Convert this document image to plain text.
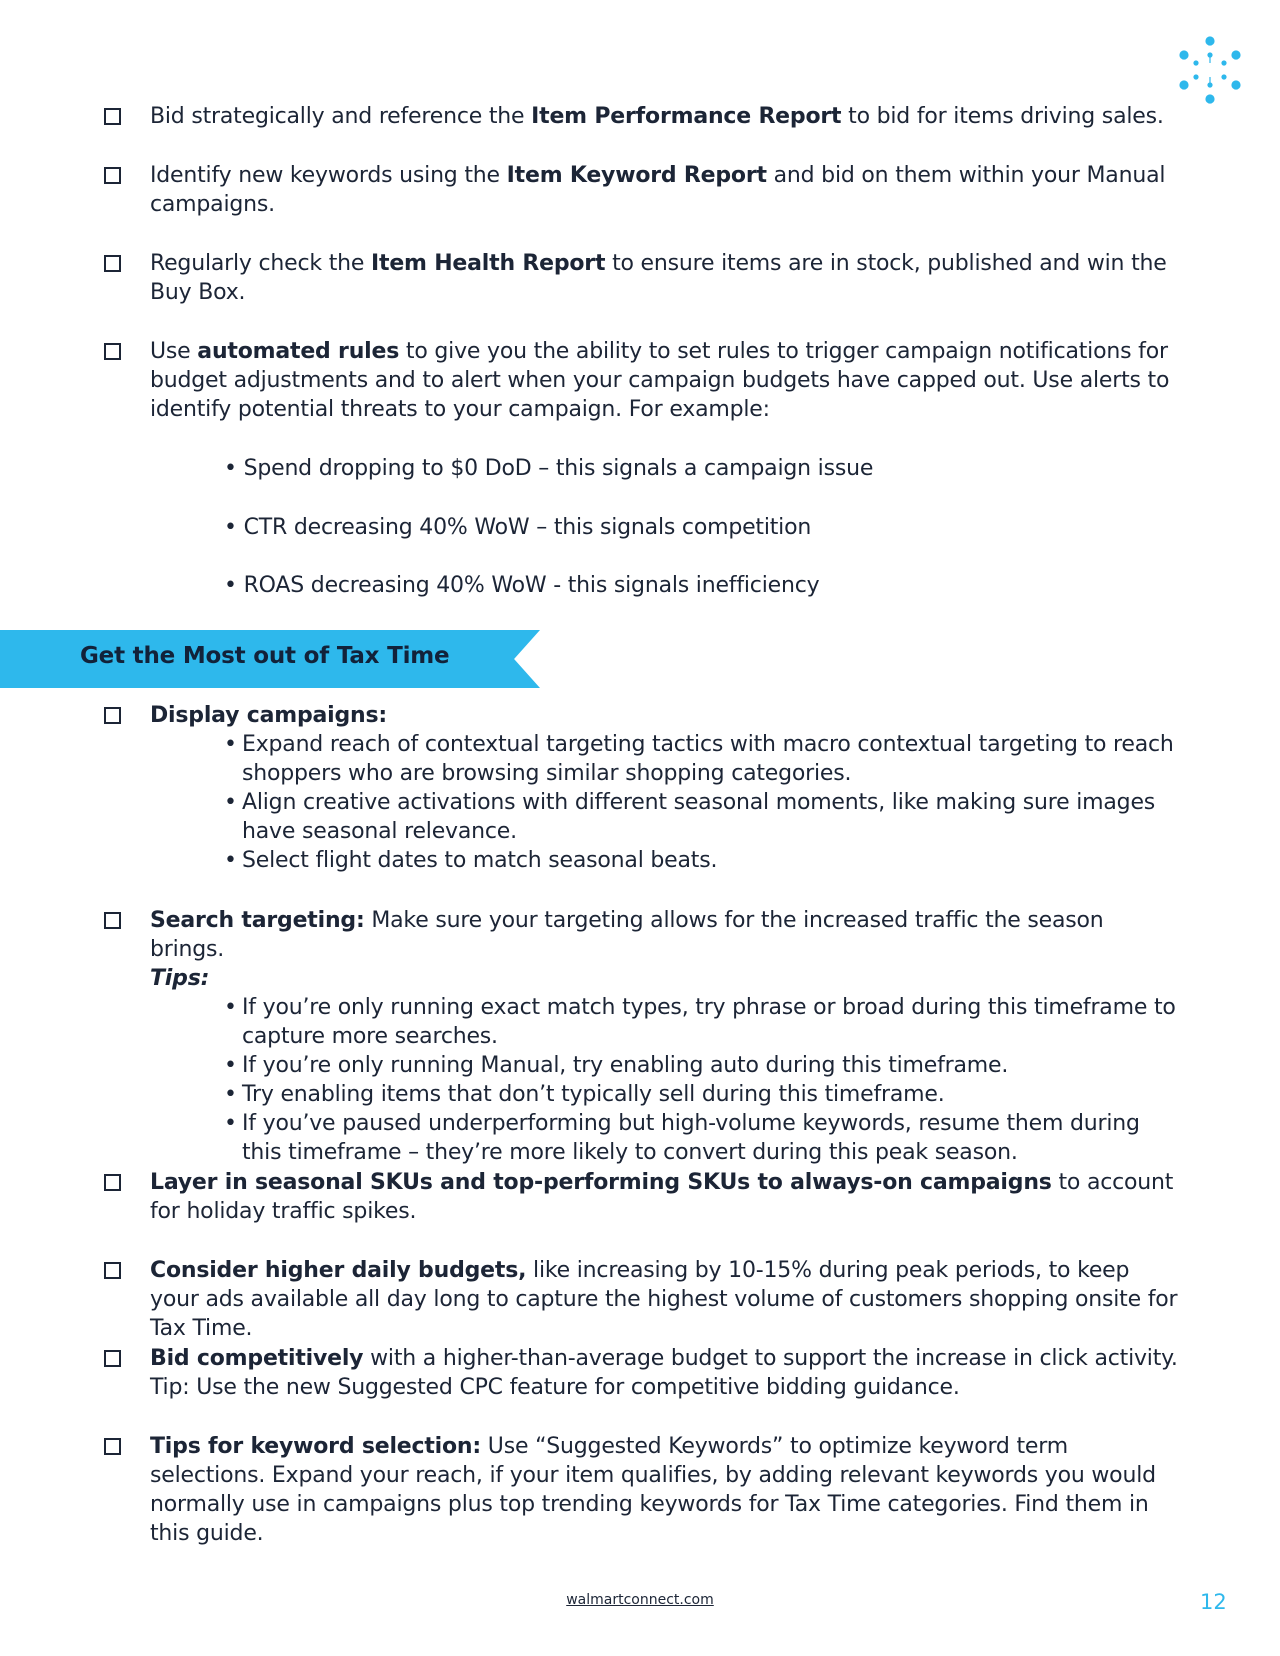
Bid strategically and reference the Item Performance Report to bid for items driving sales.

Identify new keywords using the Item Keyword Report and bid on them within your Manual campaigns.

Regularly check the Item Health Report to ensure items are in stock, published and win the Buy Box.

Use automated rules to give you the ability to set rules to trigger campaign notifications for budget adjustments and to alert when your campaign budgets have capped out. Use alerts to identify potential threats to your campaign. For example:

• Spend dropping to $0 DoD – this signals a campaign issue
• CTR decreasing 40% WoW – this signals competition
• ROAS decreasing 40% WoW - this signals inefficiency
Get the Most out of Tax Time

Display campaigns:

• Expand reach of contextual targeting tactics with macro contextual targeting to reach shoppers who are browsing similar shopping categories.
• Align creative activations with different seasonal moments, like making sure images have seasonal relevance.
• Select flight dates to match seasonal beats.

Search targeting: Make sure your targeting allows for the increased traffic the season brings.

Tips:

• If you’re only running exact match types, try phrase or broad during this timeframe to capture more searches.
• If you’re only running Manual, try enabling auto during this timeframe.
• Try enabling items that don’t typically sell during this timeframe.
• If you’ve paused underperforming but high-volume keywords, resume them during this timeframe – they’re more likely to convert during this peak season.

Layer in seasonal SKUs and top-performing SKUs to always-on campaigns to account for holiday traffic spikes.

Consider higher daily budgets, like increasing by 10-15% during peak periods, to keep your ads available all day long to capture the highest volume of customers shopping onsite for Tax Time.

Bid competitively with a higher-than-average budget to support the increase in click activity. Tip: Use the new Suggested CPC feature for competitive bidding guidance.

Tips for keyword selection: Use “Suggested Keywords” to optimize keyword term selections. Expand your reach, if your item qualifies, by adding relevant keywords you would normally use in campaigns plus top trending keywords for Tax Time categories. Find them in this guide.

walmartconnect.com	12
